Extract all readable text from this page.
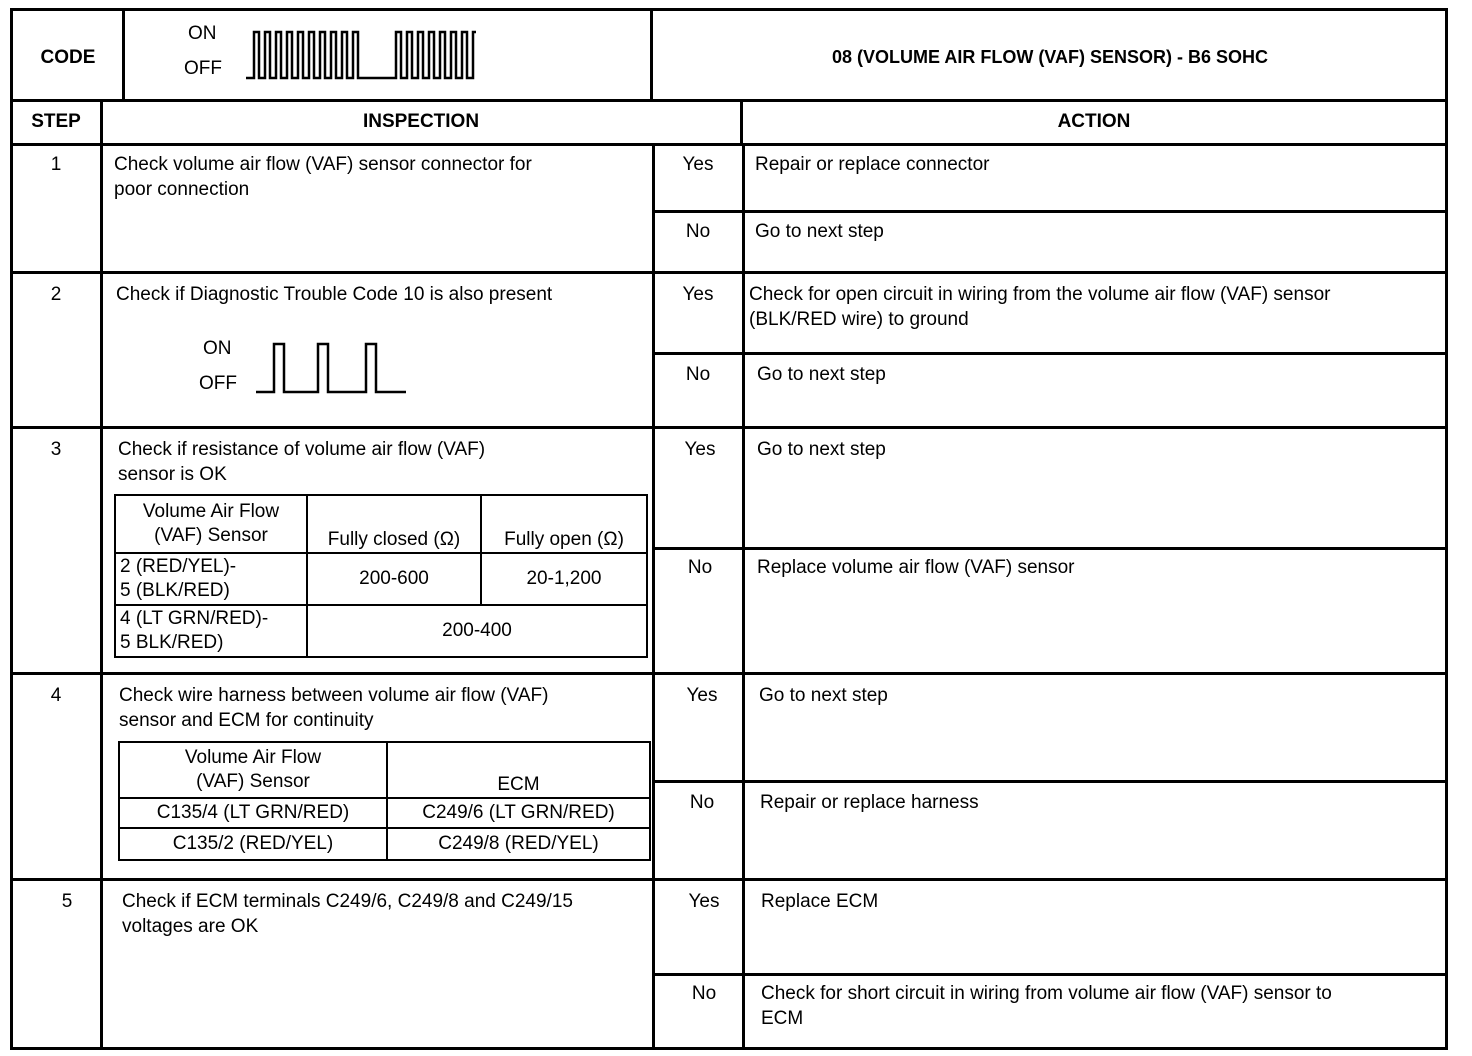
CODE
ON
OFF
08 (VOLUME AIR FLOW (VAF) SENSOR) - B6 SOHC
STEP	INSPECTION	ACTION
1	Check volume air flow (VAF) sensor connector for
poor connection
Yes	Repair or replace connector
No	Go to next step
2	Check if Diagnostic Trouble Code 10 is also present
ON
OFF
Yes	Check for open circuit in wiring from the volume air flow (VAF) sensor
(BLK/RED wire) to ground
No	Go to next step
3	Check if resistance of volume air flow (VAF)
sensor is OK
Volume Air Flow
(VAF) Sensor	Fully closed (Ω)	Fully open (Ω)
2 (RED/YEL)-
5 (BLK/RED)	200-600	20-1,200
4 (LT GRN/RED)-
5 BLK/RED)	200-400	
Yes	Go to next step
No	Replace volume air flow (VAF) sensor
4	Check wire harness between volume air flow (VAF)
sensor and ECM for continuity
Volume Air Flow
(VAF) Sensor	ECM
C135/4 (LT GRN/RED)	C249/6 (LT GRN/RED)
C135/2 (RED/YEL)	C249/8 (RED/YEL)
Yes	Go to next step
No	Repair or replace harness
5	Check if ECM terminals C249/6, C249/8 and C249/15
voltages are OK
Yes	Replace ECM
No	Check for short circuit in wiring from volume air flow (VAF) sensor to
ECM
